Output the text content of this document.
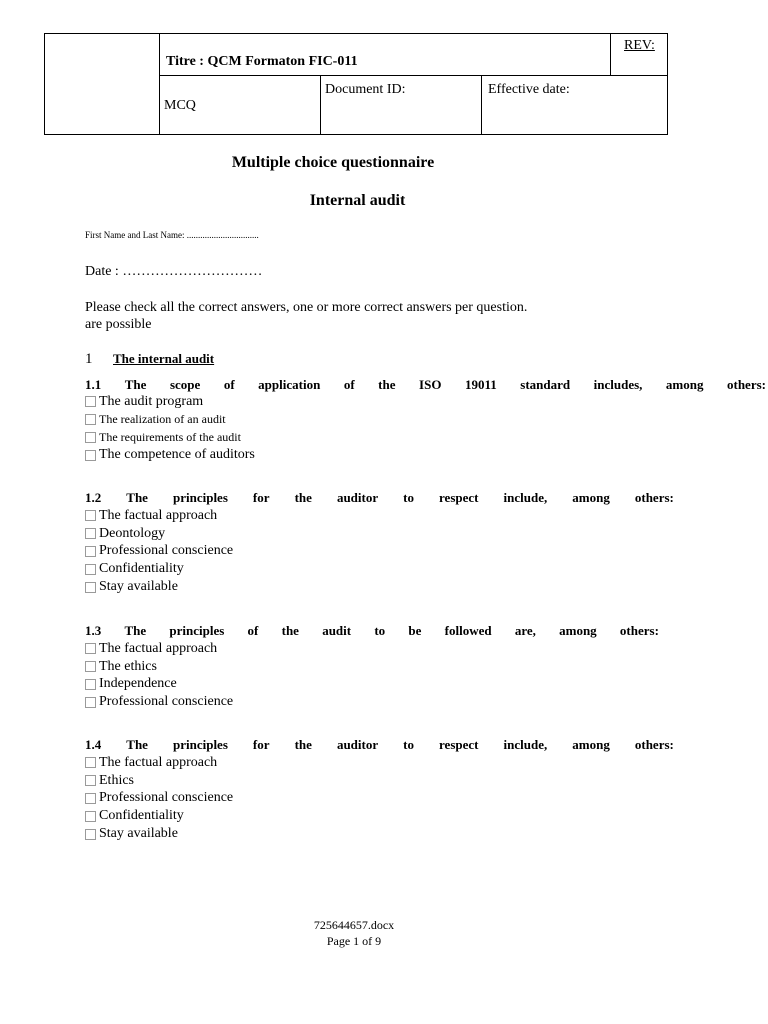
	Titre : QCM Formaton FIC-011			REV:
	MCQ	Document ID:	Effective date:	
Multiple choice questionnaire
Internal audit
First Name and Last Name: ................................
Date : …………………………
Please check all the correct answers, one or more correct answers per question.
are possible
1 The internal audit
1.1 The scope of application of the ISO 19011 standard includes, among others:
The audit program
The realization of an audit
The requirements of the audit
The competence of auditors
1.2 The principles for the auditor to respect include, among others:
The factual approach
Deontology
Professional conscience
Confidentiality
Stay available
1.3 The principles of the audit to be followed are, among others:
The factual approach
The ethics
Independence
Professional conscience
1.4 The principles for the auditor to respect include, among others:
The factual approach
Ethics
Professional conscience
Confidentiality
Stay available
725644657.docx
Page 1 of 9
